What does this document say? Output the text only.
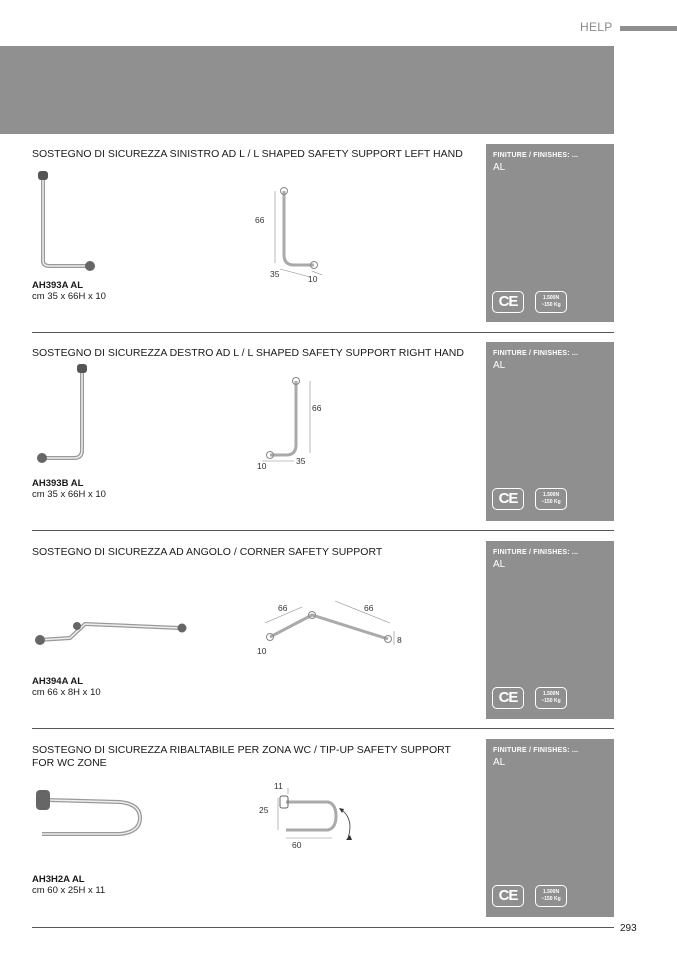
HELP
SOSTEGNO DI SICUREZZA SINISTRO AD L / L SHAPED SAFETY SUPPORT LEFT HAND
66
35	10
AH393A AL
cm 35 x 66H x 10
FINITURE / FINISHES: ...
AL
CE	1.500N
~150 Kg
SOSTEGNO DI SICUREZZA DESTRO AD L / L SHAPED SAFETY SUPPORT RIGHT HAND
66
35
10
AH393B AL
cm 35 x 66H x 10
FINITURE / FINISHES: ...
AL
CE	1.500N
~150 Kg
SOSTEGNO DI SICUREZZA AD ANGOLO / CORNER SAFETY SUPPORT
66	66
8
10
AH394A AL
cm 66 x 8H x 10
FINITURE / FINISHES: ...
AL
CE	1.500N
~150 Kg
SOSTEGNO DI SICUREZZA RIBALTABILE PER ZONA WC / TIP-UP SAFETY SUPPORT FOR WC ZONE
11
25
60
AH3H2A AL
cm 60 x 25H x 11
FINITURE / FINISHES: ...
AL
CE	1.500N
~150 Kg
293
